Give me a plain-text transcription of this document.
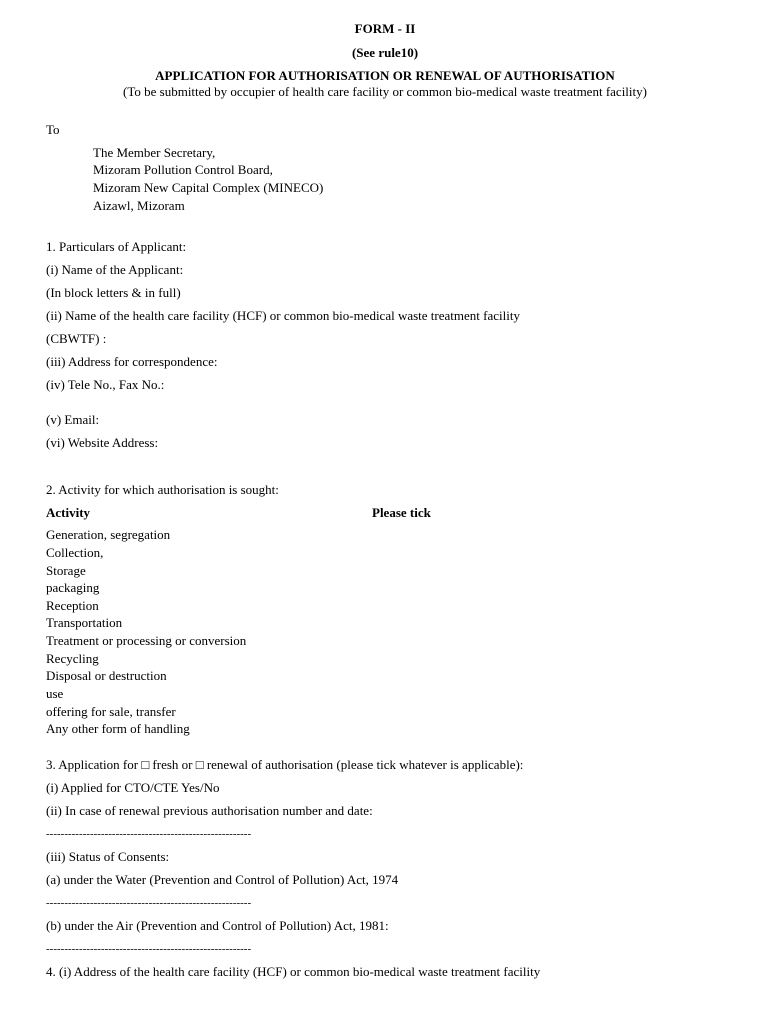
FORM - II
(See rule10)
APPLICATION FOR AUTHORISATION OR RENEWAL OF AUTHORISATION
(To be submitted by occupier of health care facility or common bio-medical waste treatment facility)
To
The Member Secretary,
Mizoram Pollution Control Board,
Mizoram New Capital Complex (MINECO)
Aizawl, Mizoram
1. Particulars of Applicant:
(i) Name of the Applicant:
(In block letters & in full)
(ii) Name of the health care facility (HCF) or common bio-medical waste treatment facility
(CBWTF) :
(iii) Address for correspondence:
(iv) Tele No., Fax No.:
(v) Email:
(vi) Website Address:
2. Activity for which authorisation is sought:
Activity	Please tick
Generation, segregation
Collection,
Storage
packaging
Reception
Transportation
Treatment or processing or conversion
Recycling
Disposal or destruction
use
offering for sale, transfer
Any other form of handling
3. Application for □ fresh or □ renewal of authorisation (please tick whatever is applicable):
(i) Applied for CTO/CTE Yes/No
(ii) In case of renewal previous authorisation number and date:
--------------------------------------------------------
(iii) Status of Consents:
(a) under the Water (Prevention and Control of Pollution) Act, 1974
--------------------------------------------------------
(b) under the Air (Prevention and Control of Pollution) Act, 1981:
--------------------------------------------------------
4. (i) Address of the health care facility (HCF) or common bio-medical waste treatment facility
